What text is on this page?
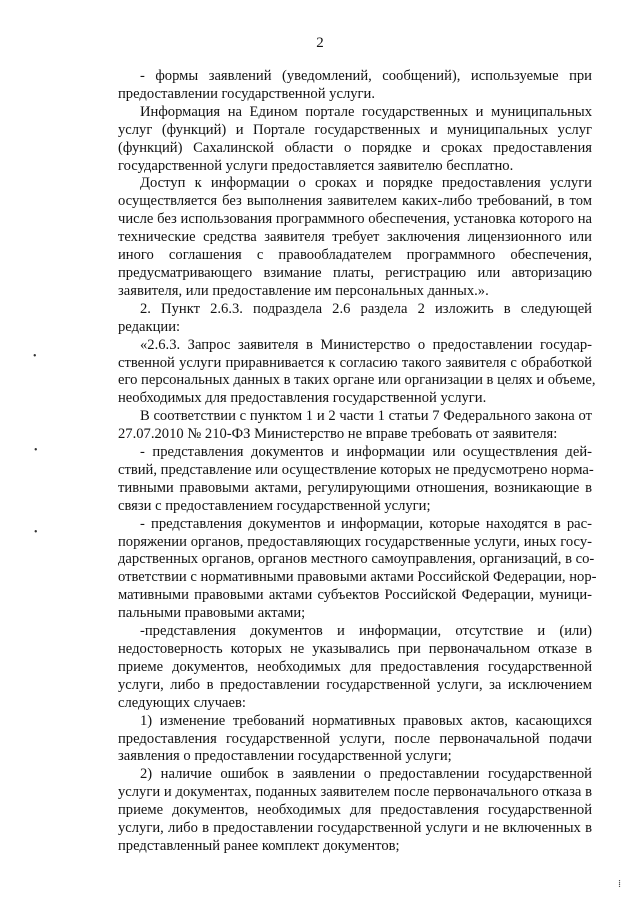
2
- формы заявлений (уведомлений, сообщений), используемые при
предоставлении государственной услуги.
Информация на Едином портале государственных и муниципальных
услуг (функций) и Портале государственных и муниципальных услуг
(функций) Сахалинской области о порядке и сроках предоставления
государственной услуги предоставляется заявителю бесплатно.
Доступ к информации о сроках и порядке предоставления услуги
осуществляется без выполнения заявителем каких-либо требований, в том
числе без использования программного обеспечения, установка которого на
технические средства заявителя требует заключения лицензионного или
иного соглашения с правообладателем программного обеспечения,
предусматривающего взимание платы, регистрацию или авторизацию
заявителя, или предоставление им персональных данных.».
2. Пункт 2.6.3. подраздела 2.6 раздела 2 изложить в следующей
редакции:
«2.6.3. Запрос заявителя в Министерство о предоставлении государ-
ственной услуги приравнивается к согласию такого заявителя с обработкой
его персональных данных в таких органе или организации в целях и объеме,
необходимых для предоставления государственной услуги.
В соответствии с пунктом 1 и 2 части 1 статьи 7 Федерального закона от
27.07.2010 № 210-ФЗ Министерство не вправе требовать от заявителя:
- представления документов и информации или осуществления дей-
ствий, представление или осуществление которых не предусмотрено норма-
тивными правовыми актами, регулирующими отношения, возникающие в
связи с предоставлением государственной услуги;
- представления документов и информации, которые находятся в рас-
поряжении органов, предоставляющих государственные услуги, иных госу-
дарственных органов, органов местного самоуправления, организаций, в со-
ответствии с нормативными правовыми актами Российской Федерации, нор-
мативными правовыми актами субъектов Российской Федерации, муници-
пальными правовыми актами;
-представления документов и информации, отсутствие и (или)
недостоверность которых не указывались при первоначальном отказе в
приеме документов, необходимых для предоставления государственной
услуги, либо в предоставлении государственной услуги, за исключением
следующих случаев:
1) изменение требований нормативных правовых актов, касающихся
предоставления государственной услуги, после первоначальной подачи
заявления о предоставлении государственной услуги;
2) наличие ошибок в заявлении о предоставлении государственной
услуги и документах, поданных заявителем после первоначального отказа в
приеме документов, необходимых для предоставления государственной
услуги, либо в предоставлении государственной услуги и не включенных в
представленный ранее комплект документов;
•
•
•
⁞
